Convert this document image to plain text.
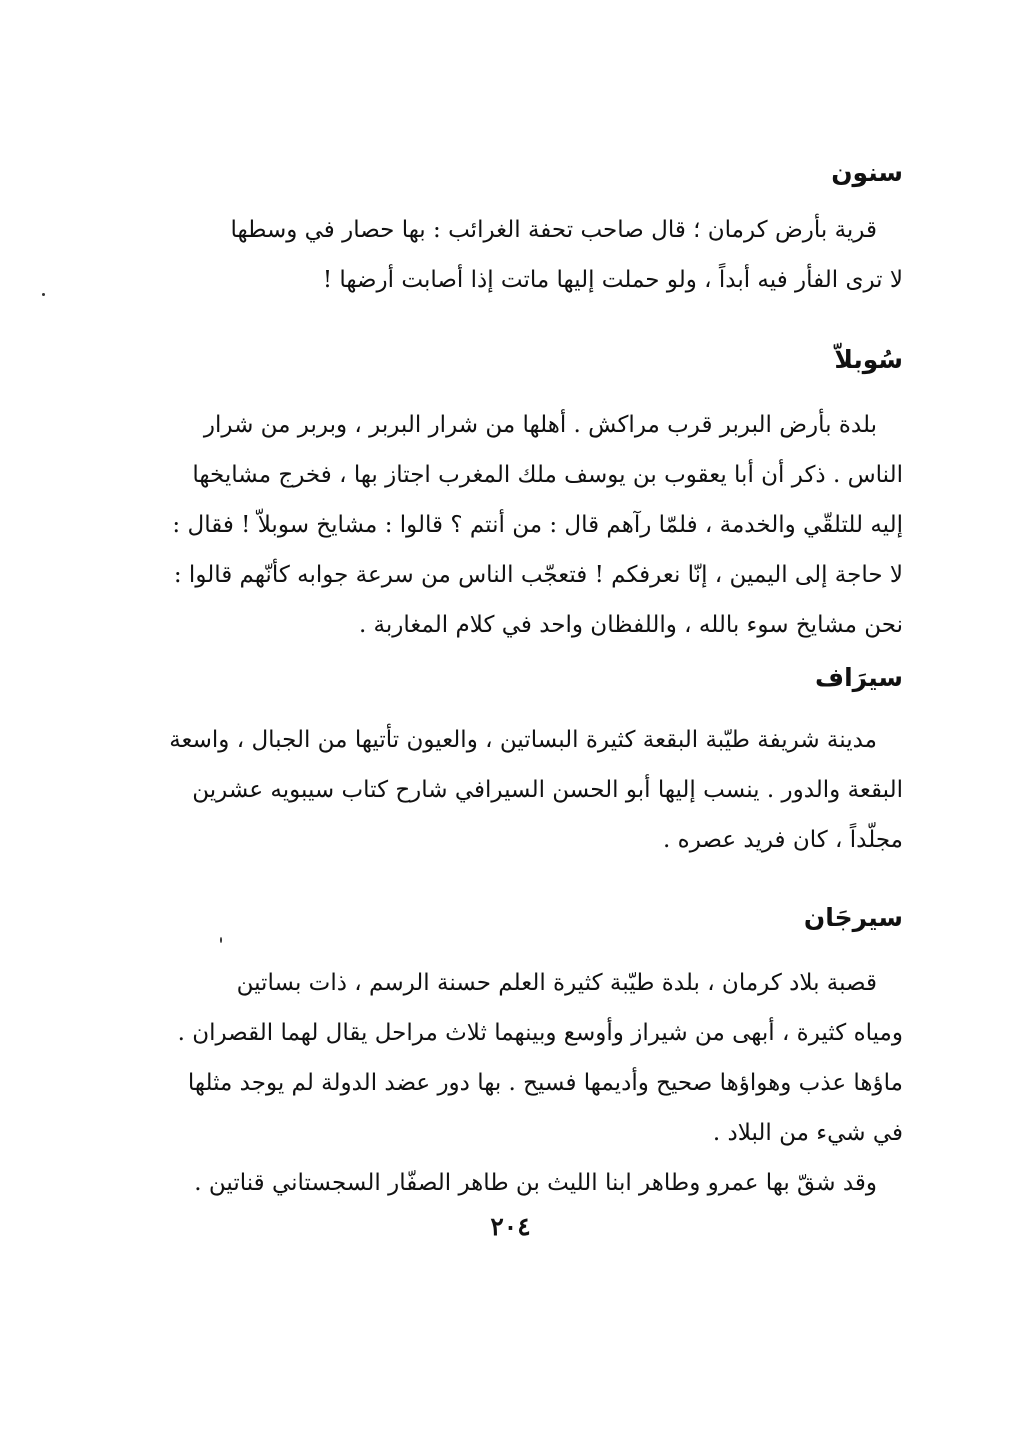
سنون
قرية بأرض كرمان ؛ قال صاحب تحفة الغرائب : بها حصار في وسطها
لا ترى الفأر فيه أبداً ، ولو حملت إليها ماتت إذا أصابت أرضها !
سُوبلاّ
بلدة بأرض البربر قرب مراكش . أهلها من شرار البربر ، وبربر من شرار
الناس . ذكر أن أبا يعقوب بن يوسف ملك المغرب اجتاز بها ، فخرج مشايخها
إليه للتلقّي والخدمة ، فلمّا رآهم قال : من أنتم ؟ قالوا : مشايخ سوبلاّ ! فقال :
لا حاجة إلى اليمين ، إنّا نعرفكم ! فتعجّب الناس من سرعة جوابه كأنّهم قالوا :
نحن مشايخ سوء بالله ، واللفظان واحد في كلام المغاربة .
سيرَاف
مدينة شريفة طيّبة البقعة كثيرة البساتين ، والعيون تأتيها من الجبال ، واسعة
البقعة والدور . ينسب إليها أبو الحسن السيرافي شارح كتاب سيبويه عشرين
مجلّداً ، كان فريد عصره .
سيرجَان
قصبة بلاد كرمان ، بلدة طيّبة كثيرة العلم حسنة الرسم ، ذات بساتين
ومياه كثيرة ، أبهى من شيراز وأوسع وبينهما ثلاث مراحل يقال لهما القصران .
ماؤها عذب وهواؤها صحيح وأديمها فسيح . بها دور عضد الدولة لم يوجد مثلها
في شيء من البلاد .
وقد شقّ بها عمرو وطاهر ابنا الليث بن طاهر الصفّار السجستاني قناتين .
٢٠٤
